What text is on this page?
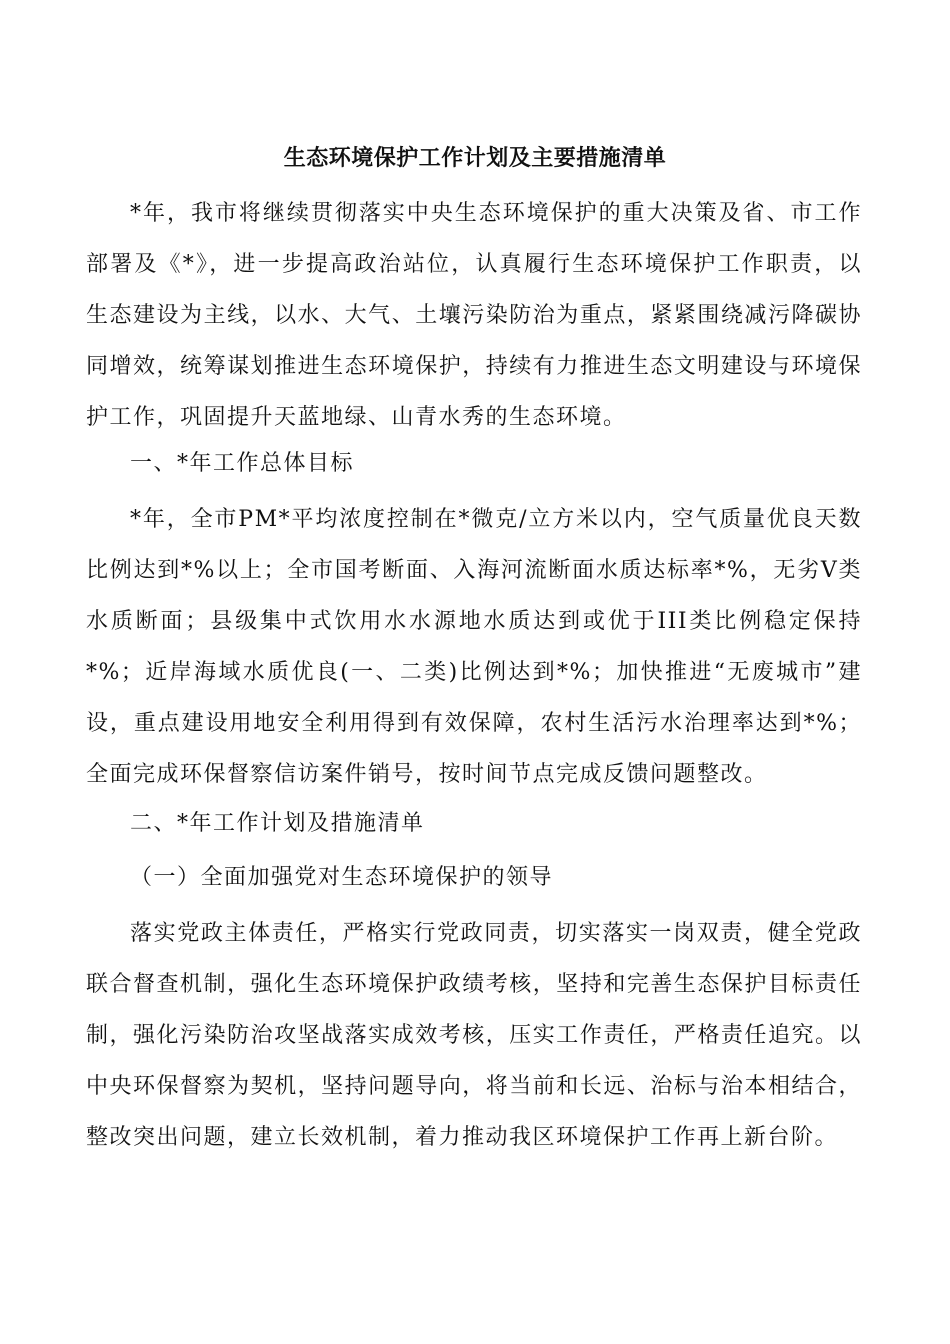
生态环境保护工作计划及主要措施清单

*年，我市将继续贯彻落实中央生态环境保护的重大决策及省、市工作部署及《*》，进一步提高政治站位，认真履行生态环境保护工作职责，以生态建设为主线，以水、大气、土壤污染防治为重点，紧紧围绕减污降碳协同增效，统筹谋划推进生态环境保护，持续有力推进生态文明建设与环境保护工作，巩固提升天蓝地绿、山青水秀的生态环境。

一、*年工作总体目标

*年，全市PM*平均浓度控制在*微克/立方米以内，空气质量优良天数比例达到*%以上；全市国考断面、入海河流断面水质达标率*%，无劣Ⅴ类水质断面；县级集中式饮用水水源地水质达到或优于III类比例稳定保持*%；近岸海域水质优良(一、二类)比例达到*%；加快推进“无废城市”建设，重点建设用地安全利用得到有效保障，农村生活污水治理率达到*%；全面完成环保督察信访案件销号，按时间节点完成反馈问题整改。

二、*年工作计划及措施清单

（一）全面加强党对生态环境保护的领导

落实党政主体责任，严格实行党政同责，切实落实一岗双责，健全党政联合督查机制，强化生态环境保护政绩考核，坚持和完善生态保护目标责任制，强化污染防治攻坚战落实成效考核，压实工作责任，严格责任追究。以中央环保督察为契机，坚持问题导向，将当前和长远、治标与治本相结合，整改突出问题，建立长效机制，着力推动我区环境保护工作再上新台阶。
